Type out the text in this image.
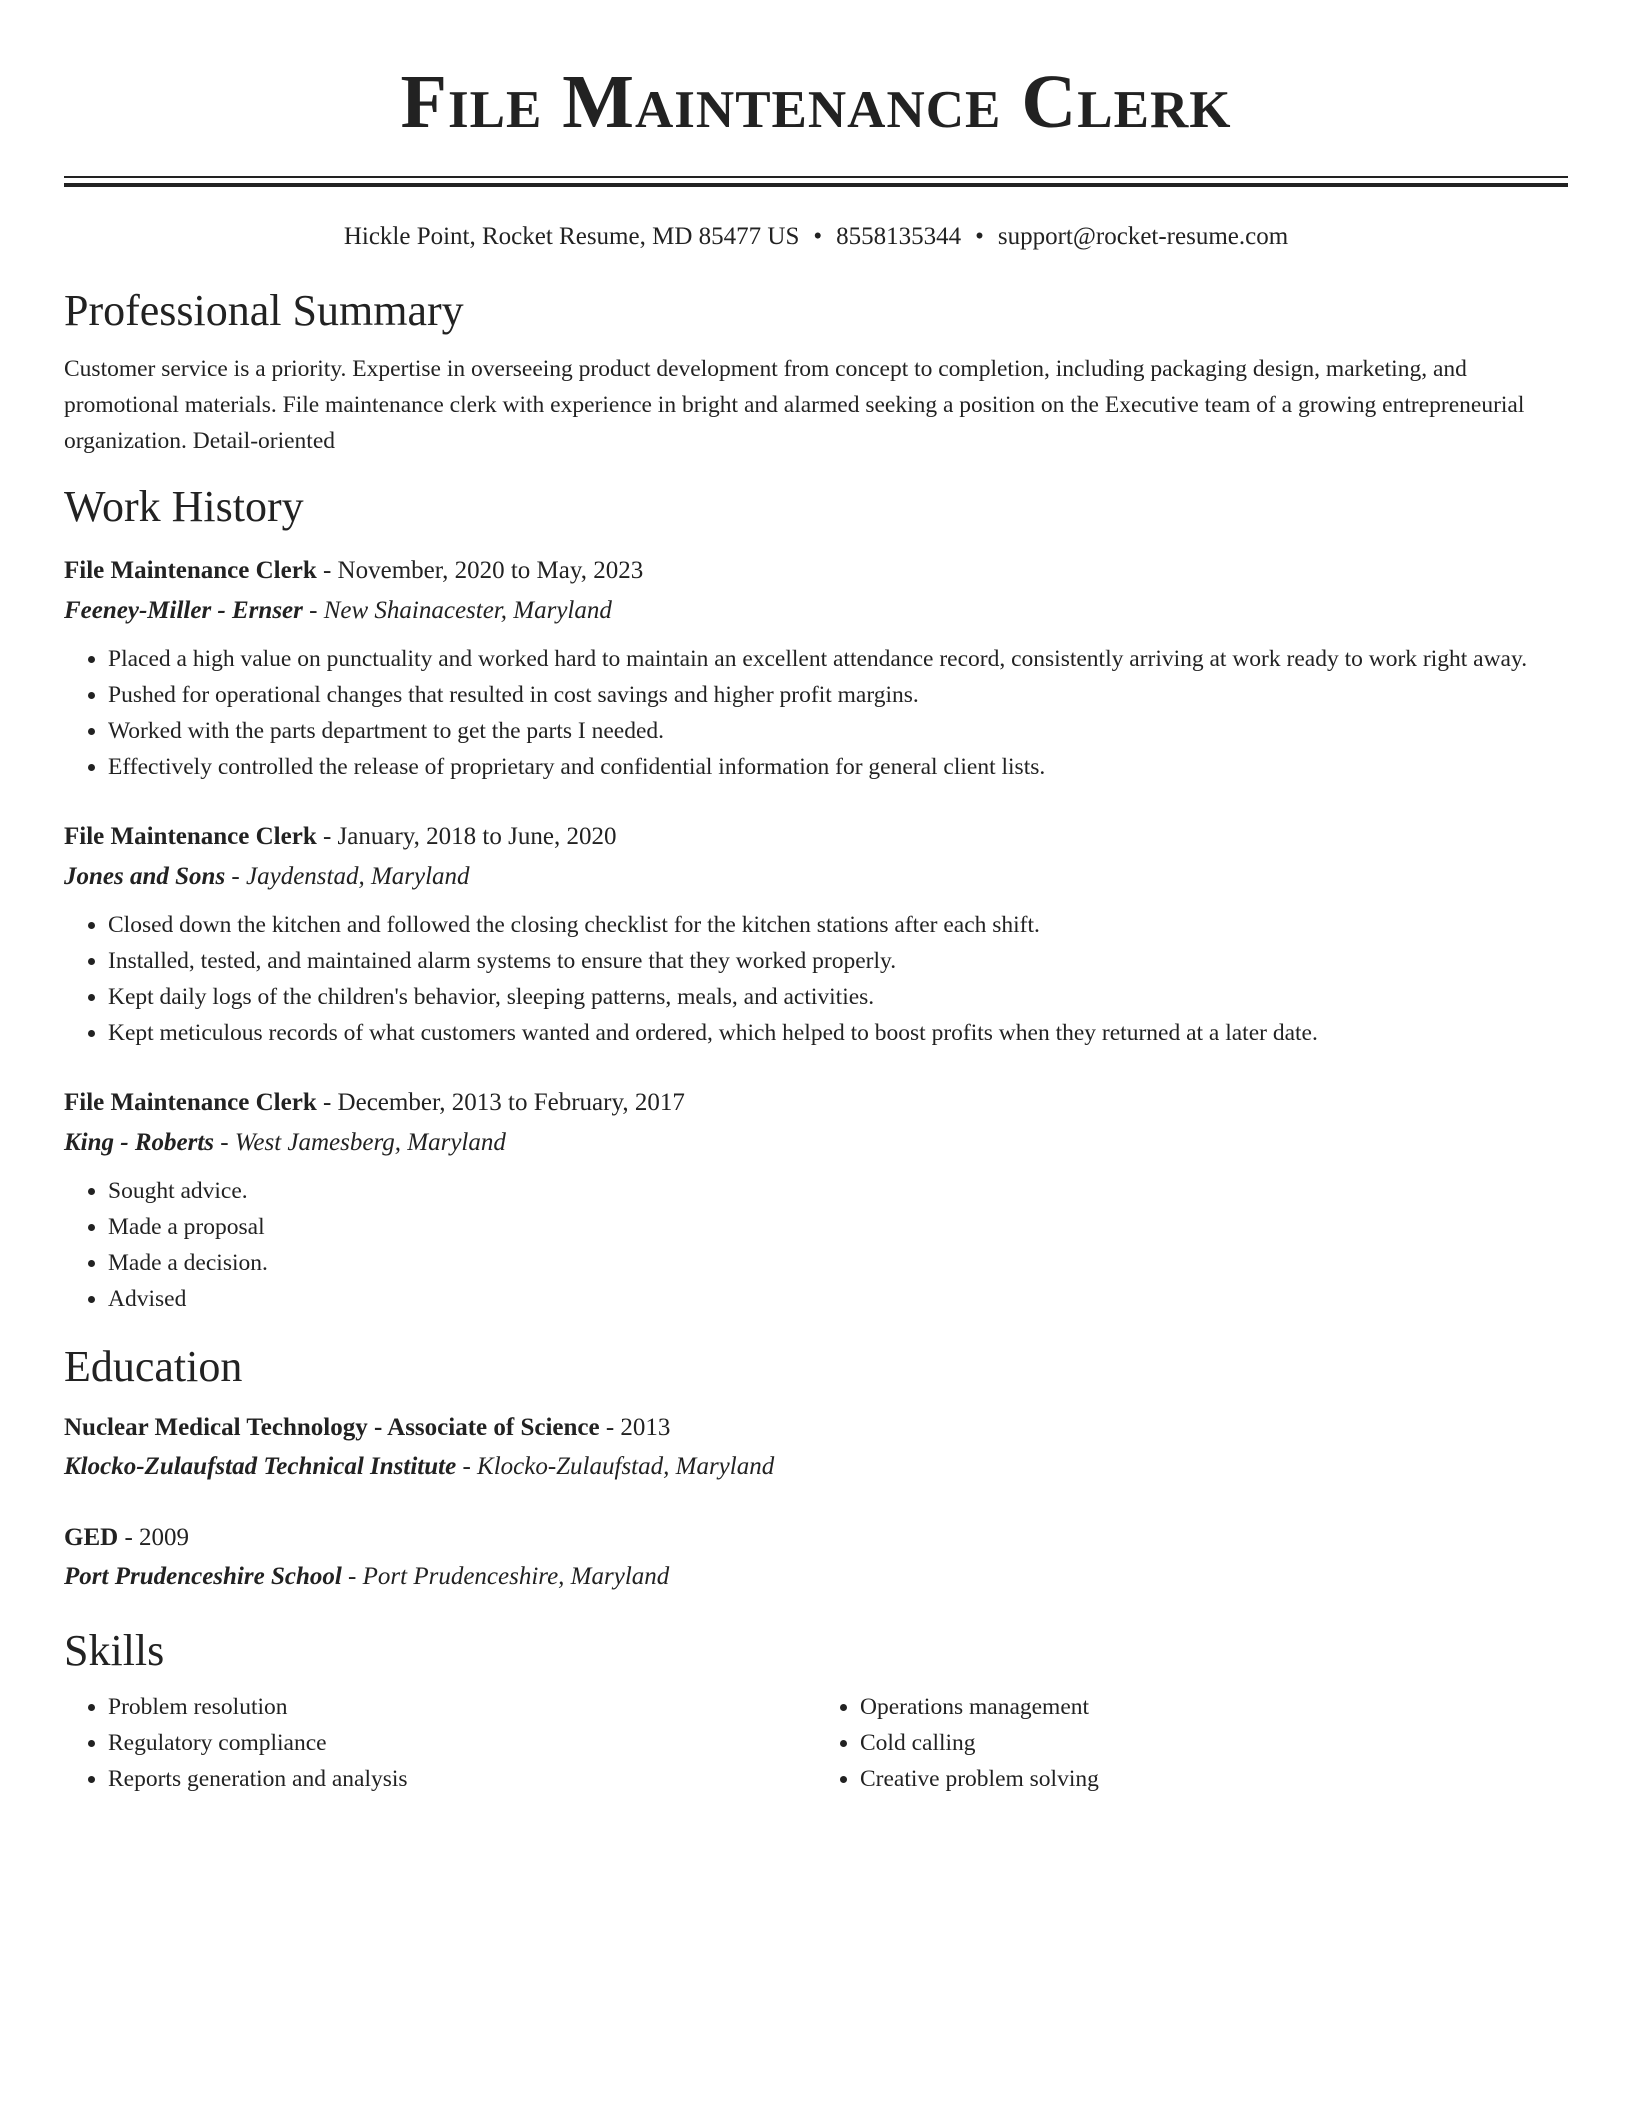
File Maintenance Clerk
Hickle Point, Rocket Resume, MD 85477 US • 8558135344 • support@rocket-resume.com
Professional Summary
Customer service is a priority. Expertise in overseeing product development from concept to completion, including packaging design, marketing, and promotional materials. File maintenance clerk with experience in bright and alarmed seeking a position on the Executive team of a growing entrepreneurial organization. Detail-oriented
Work History
File Maintenance Clerk - November, 2020 to May, 2023
Feeney-Miller - Ernser - New Shainacester, Maryland
• Placed a high value on punctuality and worked hard to maintain an excellent attendance record, consistently arriving at work ready to work right away.
• Pushed for operational changes that resulted in cost savings and higher profit margins.
• Worked with the parts department to get the parts I needed.
• Effectively controlled the release of proprietary and confidential information for general client lists.
File Maintenance Clerk - January, 2018 to June, 2020
Jones and Sons - Jaydenstad, Maryland
• Closed down the kitchen and followed the closing checklist for the kitchen stations after each shift.
• Installed, tested, and maintained alarm systems to ensure that they worked properly.
• Kept daily logs of the children's behavior, sleeping patterns, meals, and activities.
• Kept meticulous records of what customers wanted and ordered, which helped to boost profits when they returned at a later date.
File Maintenance Clerk - December, 2013 to February, 2017
King - Roberts - West Jamesberg, Maryland
• Sought advice.
• Made a proposal
• Made a decision.
• Advised
Education
Nuclear Medical Technology - Associate of Science - 2013
Klocko-Zulaufstad Technical Institute - Klocko-Zulaufstad, Maryland
GED - 2009
Port Prudenceshire School - Port Prudenceshire, Maryland
Skills
• Problem resolution
• Regulatory compliance
• Reports generation and analysis
• Operations management
• Cold calling
• Creative problem solving
